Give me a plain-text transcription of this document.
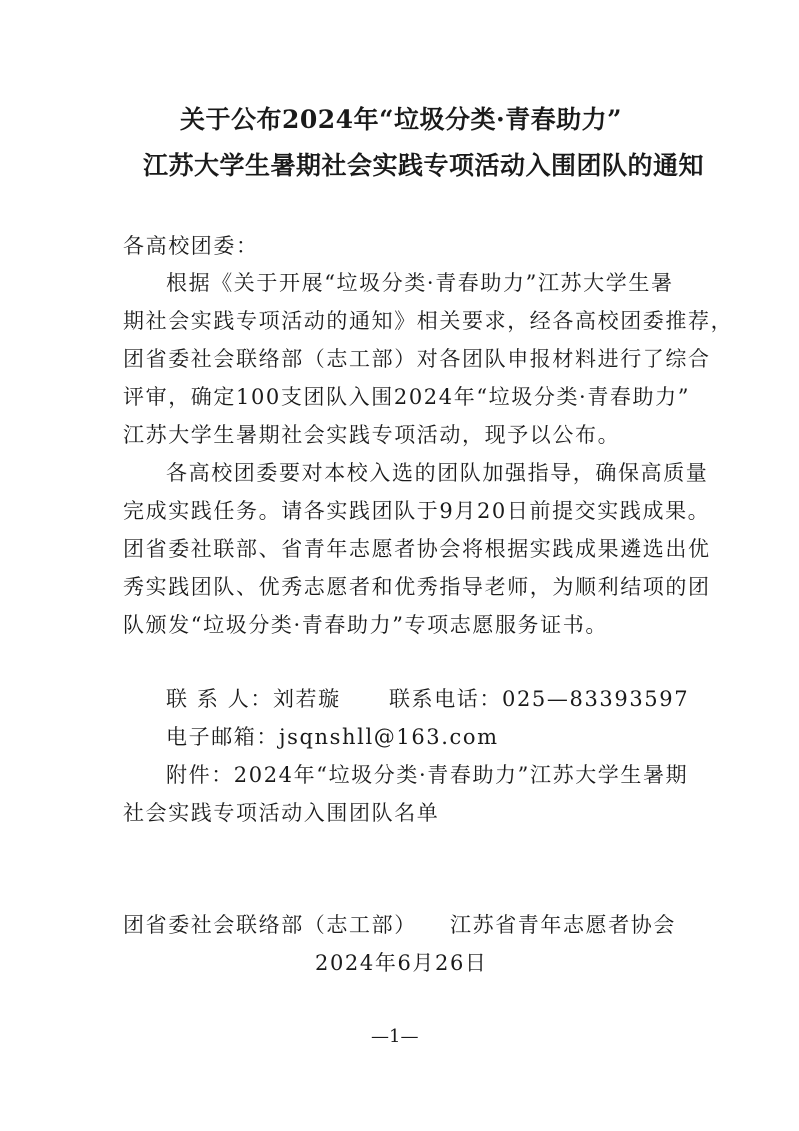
关于公布2024年“垃圾分类·青春助力”
江苏大学生暑期社会实践专项活动入围团队的通知
各高校团委：
根据《关于开展“垃圾分类·青春助力”江苏大学生暑
期社会实践专项活动的通知》相关要求，经各高校团委推荐，
团省委社会联络部（志工部）对各团队申报材料进行了综合
评审，确定100支团队入围2024年“垃圾分类·青春助力”
江苏大学生暑期社会实践专项活动，现予以公布。
各高校团委要对本校入选的团队加强指导，确保高质量
完成实践任务。请各实践团队于9月20日前提交实践成果。
团省委社联部、省青年志愿者协会将根据实践成果遴选出优
秀实践团队、优秀志愿者和优秀指导老师，为顺利结项的团
队颁发“垃圾分类·青春助力”专项志愿服务证书。
联 系 人：刘若璇 联系电话：025—83393597
电子邮箱：jsqnshll@163.com
附件：2024年“垃圾分类·青春助力”江苏大学生暑期
社会实践专项活动入围团队名单
团省委社会联络部（志工部） 江苏省青年志愿者协会
2024年6月26日
—1—
